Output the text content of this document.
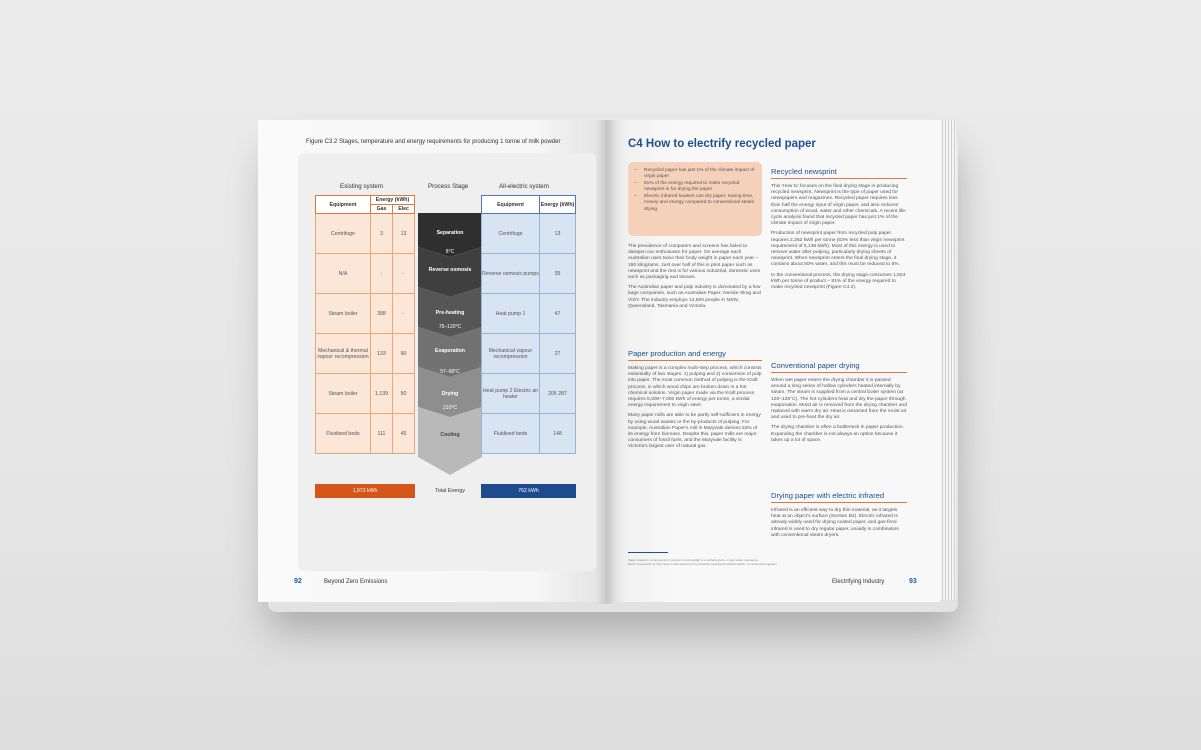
Figure C3.2 Stages, temperature and energy requirements for producing 1 tonne of milk powder
Existing system	Process Stage	All-electric system
Equipment	Energy (kWh)	
	Gas	Elec
Centrifuge	3	13
N/A	-	-
Steam boiler	388	-
Mechanical & thermal vapour recompression	133	90
Steam boiler	1,139	50
Fluidised beds	111	45
Separation
8°C
Reverse osmosis
Pre-heating
75–120°C
Evaporation
57–68°C
Drying
210°C
Cooling
Equipment	Energy (kWh)
Centrifuge	13
Reverse osmosis pumps	35
Heat pump 1	47
Mechanical vapour recompression	27
Heat pump 2 Electric air heater	205 287
Fluidised beds	148
1,972 kWh	Total Energy	762 kWh
92	Beyond Zero Emissions
C4 How to electrify recycled paper
• Recycled paper has just 1% of the climate impact of virgin paper
• 81% of the energy required to make recycled newsprint is for drying the paper
• Electric infrared heaters can dry paper, saving time, money and energy compared to conventional steam drying

The prevalence of computers and screens has failed to dampen our enthusiasm for paper. On average each Australian uses twice their body weight in paper each year – 150 kilograms. Just over half of this is print paper such as newsprint and the rest is for various industrial, domestic uses such as packaging and tissues.

The Australian paper and pulp industry is dominated by a few large companies, such as Australian Paper, Norske Skog and VISY. The industry employs 12,500 people in NSW, Queensland, Tasmania and Victoria.

Paper production and energy

Making paper is a complex multi-step process, which consists essentially of two stages: 1) pulping and 2) conversion of pulp into paper. The most common method of pulping is the Kraft process, in which wood chips are broken down in a hot chemical solution. Virgin paper made via the Kraft process requires 5,000–7,000 kWh of energy per tonne, a similar energy requirement to virgin steel.

Many paper mills are able to be partly self-sufficient in energy by using wood wastes or the by-products of pulping. For example, Australian Paper's mill in Maryvale derives 53% of its energy from biomass. Despite this, paper mills are major consumers of fossil fuels, and the Maryvale facility is Victoria's largest user of natural gas.

Recycled newsprint

This 'How to' focuses on the final drying stage in producing recycled newsprint. Newsprint is the type of paper used for newspapers and magazines. Recycled paper requires less than half the energy input of virgin paper, and also reduces consumption of wood, water and other chemicals. A recent life-cycle analysis found that recycled paper has just 1% of the climate impact of virgin paper.

Production of newsprint paper from recycled pulp paper requires 2,262 kWh per tonne (63% less than virgin newsprint requirement of 6,138 kWh). Most of this energy is used to remove water after pulping, particularly drying sheets of newsprint. When newsprint enters the final drying stage, it contains about 50% water, and this must be reduced to 6%.

In the conventional process, the drying stage consumes 1,824 kWh per tonne of product – 81% of the energy required to make recycled newsprint (Figure C4.2).

Conventional paper drying

When wet paper enters the drying chamber it is passed around a long series of hollow cylinders heated internally by steam. The steam is supplied from a central boiler system (at 120–125°C). The hot cylinders heat and dry the paper through evaporation. Moist air is removed from the drying chamber and replaced with warm dry air. Heat is extracted from the moist air and used to pre-heat the dry air.

The drying chamber is often a bottleneck in paper production. Expanding the chamber is not always an option because it takes up a lot of space.

Drying paper with electric infrared

Infrared is an efficient way to dry thin material, as it targets heat at an object's surface (Section B2). Electric infrared is already widely used for drying coated paper, and gas-fired infrared is used to dry regular paper, usually in combination with conventional steam dryers.

Paper coated in a compound or polymer to add weight or a surface gloss, or give water resistance.
Much of research for this 'How to' was carried out by Koosheh Keshavarzmohammadian, a mechanical engineer.
Electrifying Industry	93
